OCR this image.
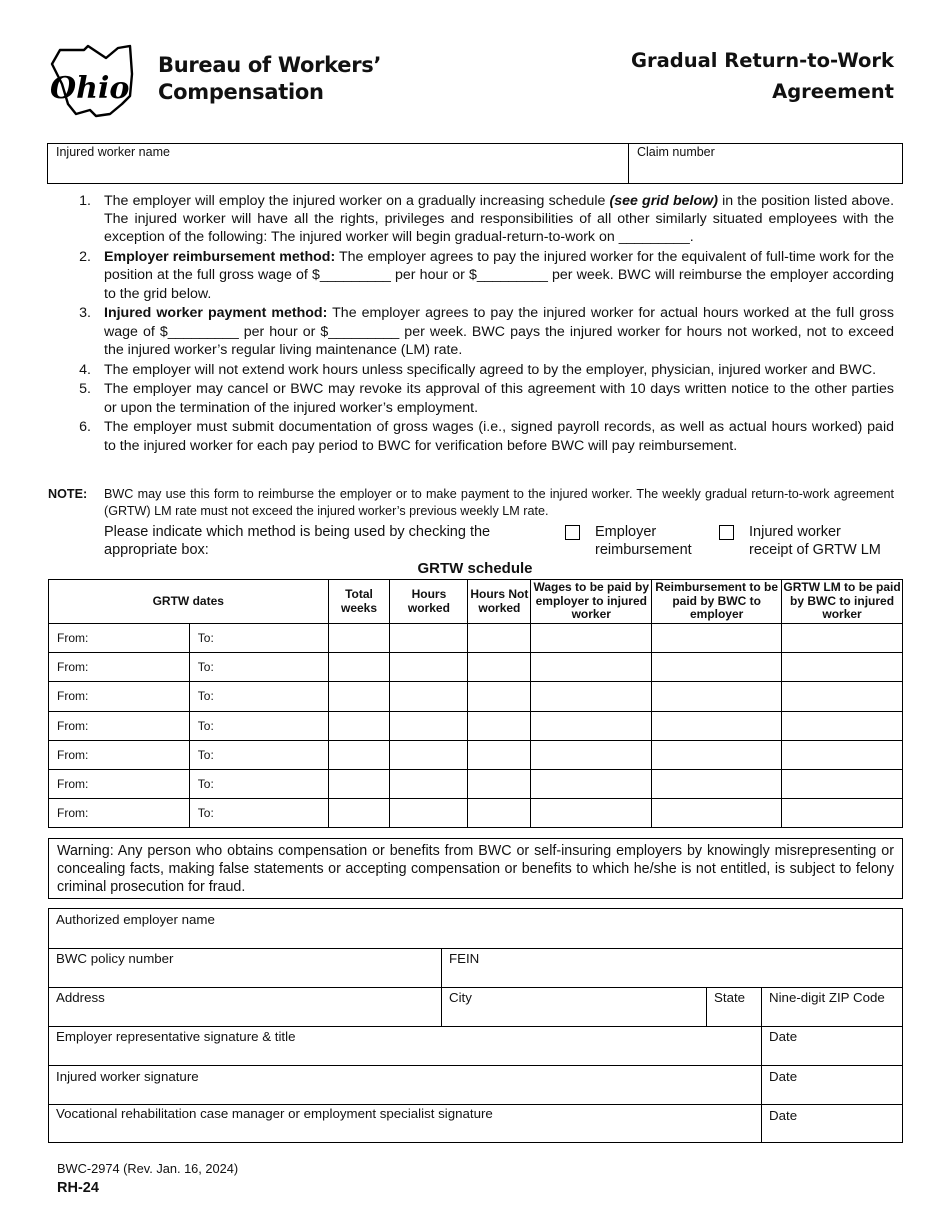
Ohio
Bureau of Workers’
Compensation
Gradual Return-to-Work
Agreement
Injured worker name	Claim number
1. The employer will employ the injured worker on a gradually increasing schedule (see grid below) in the position listed above. The injured worker will have all the rights, privileges and responsibilities of all other similarly situated employees with the exception of the following: The injured worker will begin gradual-return-to-work on _________.
2. Employer reimbursement method: The employer agrees to pay the injured worker for the equivalent of full-time work for the position at the full gross wage of $_________ per hour or $_________ per week. BWC will reimburse the employer according to the grid below.
3. Injured worker payment method: The employer agrees to pay the injured worker for actual hours worked at the full gross wage of $_________ per hour or $_________ per week. BWC pays the injured worker for hours not worked, not to exceed the injured worker’s regular living maintenance (LM) rate.
4. The employer will not extend work hours unless specifically agreed to by the employer, physician, injured worker and BWC.
5. The employer may cancel or BWC may revoke its approval of this agreement with 10 days written notice to the other parties or upon the termination of the injured worker’s employment.
6. The employer must submit documentation of gross wages (i.e., signed payroll records, as well as actual hours worked) paid to the injured worker for each pay period to BWC for verification before BWC will pay reimbursement.
NOTE:	BWC may use this form to reimburse the employer or to make payment to the injured worker. The weekly gradual return-to-work agreement (GRTW) LM rate must not exceed the injured worker’s previous weekly LM rate.
Please indicate which method is being used by checking the appropriate box:
Employer
reimbursement
Injured worker
receipt of GRTW LM
GRTW schedule
GRTW dates		Total weeks	Hours worked	Hours Not worked	Wages to be paid by employer to injured worker	Reimbursement to be paid by BWC to employer	GRTW LM to be paid by BWC to injured worker
From:	To:						
From:	To:						
From:	To:						
From:	To:						
From:	To:						
From:	To:						
From:	To:						
Warning: Any person who obtains compensation or benefits from BWC or self-insuring employers by knowingly misrepresenting or concealing facts, making false statements or accepting compensation or benefits to which he/she is not entitled, is subject to felony criminal prosecution for fraud.
Authorized employer name
BWC policy number	FEIN
Address	City	State Nine-digit ZIP Code
Employer representative signature & title	Date
Injured worker signature	Date
Vocational rehabilitation case manager or employment specialist signature	Date
BWC-2974 (Rev. Jan. 16, 2024)
RH-24
